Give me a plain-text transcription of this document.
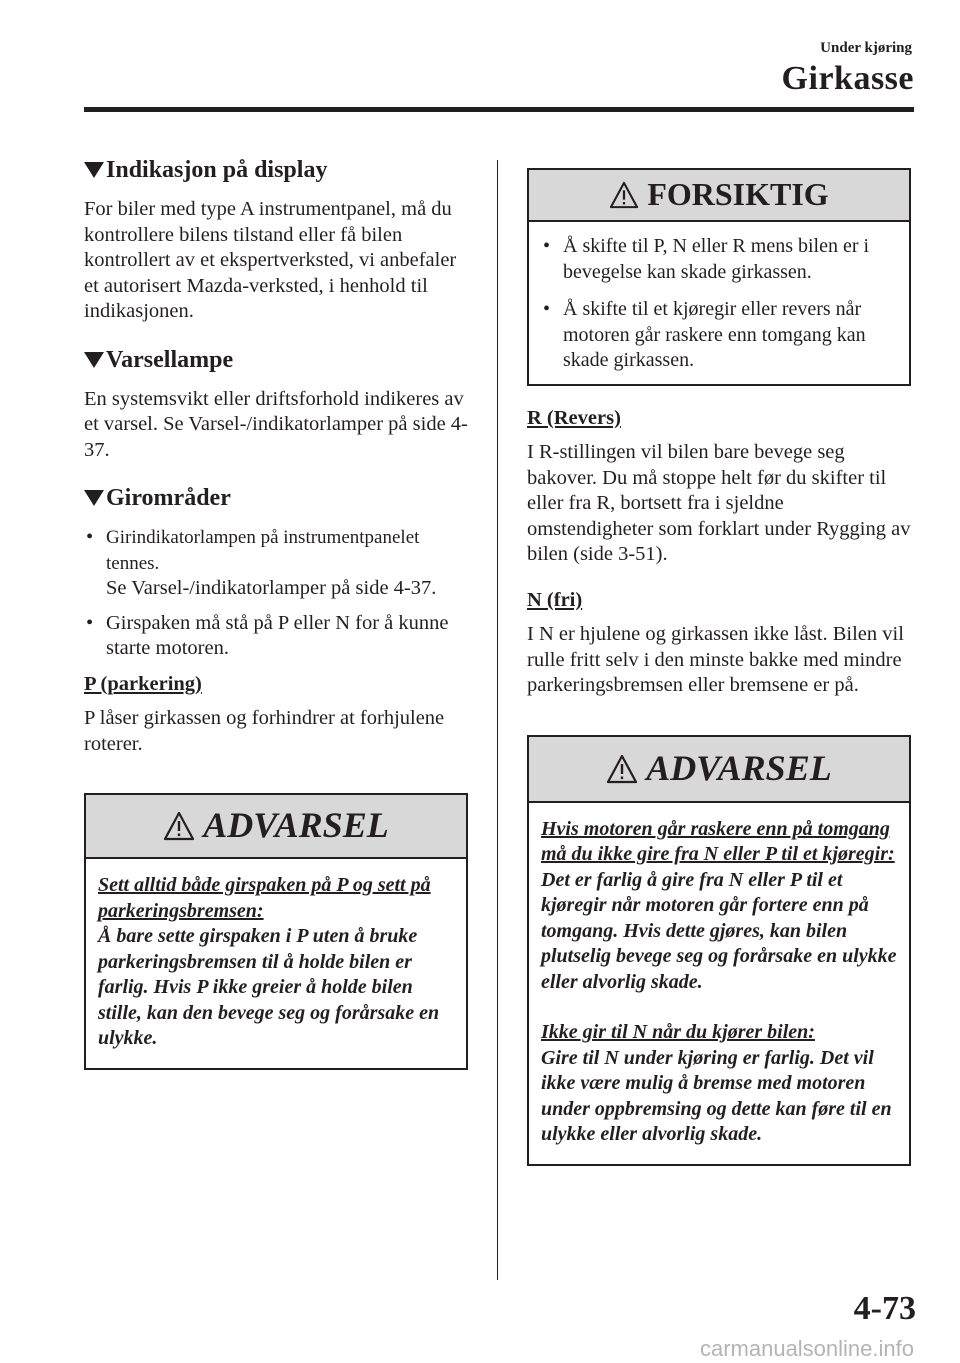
Under kjøring
Girkasse
Indikasjon på display

For biler med type A instrumentpanel, må du kontrollere bilens tilstand eller få bilen kontrollert av et ekspertverksted, vi anbefaler et autorisert Mazda-verksted, i henhold til indikasjonen.

Varsellampe

En systemsvikt eller driftsforhold indikeres av et varsel. Se Varsel-/indikatorlamper på side 4-37.

Girområder
• Girindikatorlampen på instrumentpanelet tennes.
Se Varsel-/indikatorlamper på side 4-37.
• Girspaken må stå på P eller N for å kunne starte motoren.
P (parkering)

P låser girkassen og forhindrer at forhjulene roterer.

ADVARSEL
Sett alltid både girspaken på P og sett på parkeringsbremsen:
Å bare sette girspaken i P uten å bruke parkeringsbremsen til å holde bilen er farlig. Hvis P ikke greier å holde bilen stille, kan den bevege seg og forårsake en ulykke.
FORSIKTIG
• Å skifte til P, N eller R mens bilen er i bevegelse kan skade girkassen.
• Å skifte til et kjøregir eller revers når motoren går raskere enn tomgang kan skade girkassen.
R (Revers)

I R-stillingen vil bilen bare bevege seg bakover. Du må stoppe helt før du skifter til eller fra R, bortsett fra i sjeldne omstendigheter som forklart under Rygging av bilen (side 3-51).

N (fri)

I N er hjulene og girkassen ikke låst. Bilen vil rulle fritt selv i den minste bakke med mindre parkeringsbremsen eller bremsene er på.

ADVARSEL
Hvis motoren går raskere enn på tomgang må du ikke gire fra N eller P til et kjøregir:
Det er farlig å gire fra N eller P til et kjøregir når motoren går fortere enn på tomgang. Hvis dette gjøres, kan bilen plutselig bevege seg og forårsake en ulykke eller alvorlig skade.
Ikke gir til N når du kjører bilen:
Gire til N under kjøring er farlig. Det vil ikke være mulig å bremse med motoren under oppbremsing og dette kan føre til en ulykke eller alvorlig skade.
4-73
carmanualsonline.info
